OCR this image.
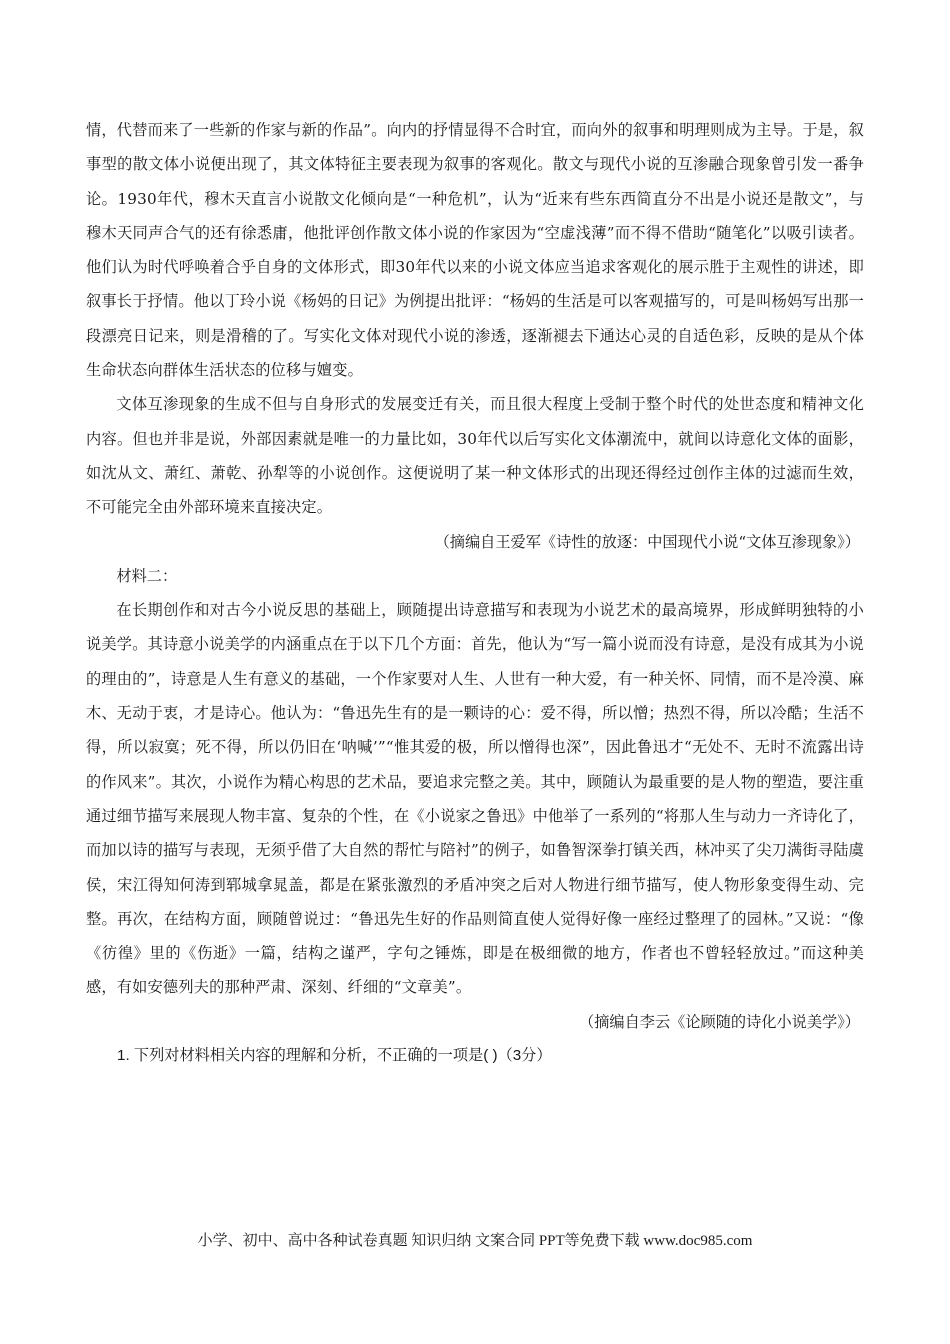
情，代替而来了一些新的作家与新的作品”。向内的抒情显得不合时宜，而向外的叙事和明理则成为主导。于是，叙事型的散文体小说便出现了，其文体特征主要表现为叙事的客观化。散文与现代小说的互渗融合现象曾引发一番争论。1930年代，穆木天直言小说散文化倾向是“一种危机”，认为“近来有些东西简直分不出是小说还是散文”，与穆木天同声合气的还有徐悉庸，他批评创作散文体小说的作家因为“空虚浅薄”而不得不借助“随笔化”以吸引读者。他们认为时代呼唤着合乎自身的文体形式，即30年代以来的小说文体应当追求客观化的展示胜于主观性的讲述，即叙事长于抒情。他以丁玲小说《杨妈的日记》为例提出批评：“杨妈的生活是可以客观描写的，可是叫杨妈写出那一段漂亮日记来，则是滑稽的了。写实化文体对现代小说的渗透，逐渐褪去下通达心灵的自适色彩，反映的是从个体生命状态向群体生活状态的位移与嬗变。

文体互渗现象的生成不但与自身形式的发展变迁有关，而且很大程度上受制于整个时代的处世态度和精神文化内容。但也并非是说，外部因素就是唯一的力量比如，30年代以后写实化文体潮流中，就间以诗意化文体的面影，如沈从文、萧红、萧乾、孙犁等的小说创作。这便说明了某一种文体形式的出现还得经过创作主体的过滤而生效，不可能完全由外部环境来直接决定。

（摘编自王爱军《诗性的放逐：中国现代小说“文体互渗现象》）

材料二：

在长期创作和对古今小说反思的基础上，顾随提出诗意描写和表现为小说艺术的最高境界，形成鲜明独特的小说美学。其诗意小说美学的内涵重点在于以下几个方面：首先，他认为“写一篇小说而没有诗意，是没有成其为小说的理由的”，诗意是人生有意义的基础，一个作家要对人生、人世有一种大爱，有一种关怀、同情，而不是冷漠、麻木、无动于衷，才是诗心。他认为：“鲁迅先生有的是一颗诗的心：爱不得，所以憎；热烈不得，所以冷酷；生活不得，所以寂寞；死不得，所以仍旧在‘呐喊’”“惟其爱的极，所以憎得也深”，因此鲁迅才“无处不、无时不流露出诗的作风来”。其次，小说作为精心构思的艺术品，要追求完整之美。其中，顾随认为最重要的是人物的塑造，要注重通过细节描写来展现人物丰富、复杂的个性，在《小说家之鲁迅》中他举了一系列的“将那人生与动力一齐诗化了，而加以诗的描写与表现，无须乎借了大自然的帮忙与陪衬”的例子，如鲁智深拳打镇关西，林冲买了尖刀满街寻陆虞侯，宋江得知何涛到郓城拿晁盖，都是在紧张激烈的矛盾冲突之后对人物进行细节描写，使人物形象变得生动、完整。再次，在结构方面，顾随曾说过：“鲁迅先生好的作品则简直使人觉得好像一座经过整理了的园林。”又说：“像《彷徨》里的《伤逝》一篇，结构之谨严，字句之锤炼，即是在极细微的地方，作者也不曾轻轻放过。”而这种美感，有如安德列夫的那种严肃、深刻、纤细的“文章美”。

（摘编自李云《论顾随的诗化小说美学》）

1. 下列对材料相关内容的理解和分析，不正确的一项是( )（3分）

小学、初中、高中各种试卷真题 知识归纳 文案合同 PPT等免费下载 www.doc985.com
